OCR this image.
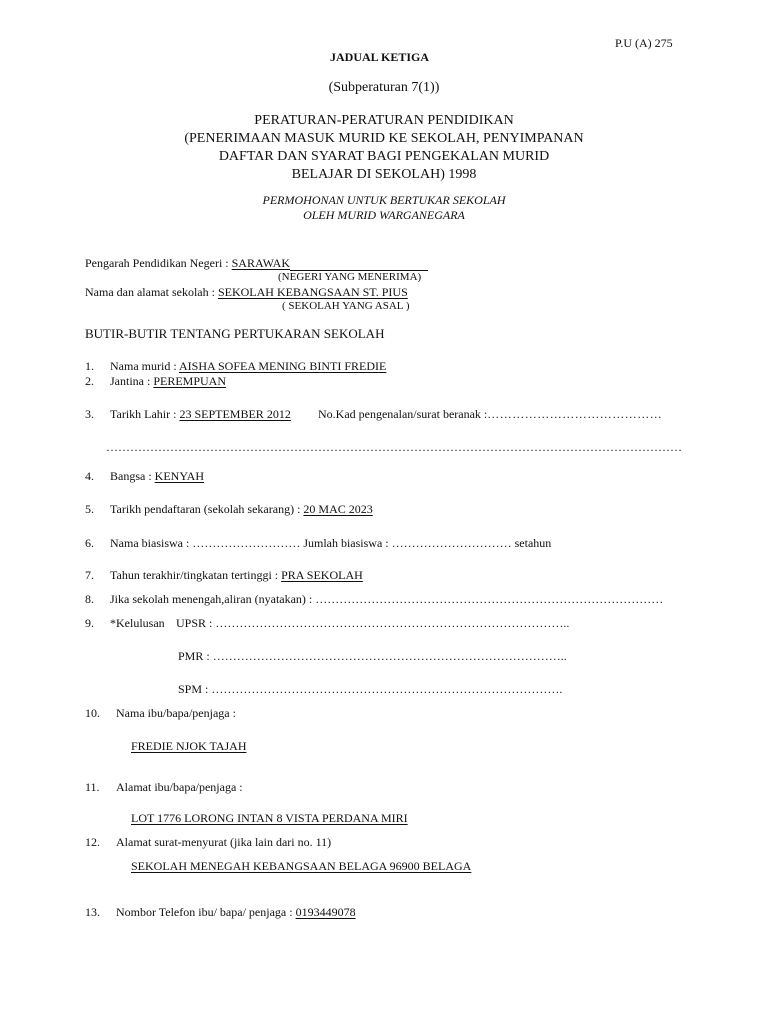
P.U (A) 275
JADUAL KETIGA
(Subperaturan 7(1))
PERATURAN-PERATURAN PENDIDIKAN
(PENERIMAAN MASUK MURID KE SEKOLAH, PENYIMPANAN
DAFTAR DAN SYARAT BAGI PENGEKALAN MURID
BELAJAR DI SEKOLAH) 1998
PERMOHONAN UNTUK BERTUKAR SEKOLAH
OLEH MURID WARGANEGARA
Pengarah Pendidikan Negeri : SARAWAK
(NEGERI YANG MENERIMA)
Nama dan alamat sekolah : SEKOLAH KEBANGSAAN ST. PIUS
( SEKOLAH YANG ASAL )
BUTIR-BUTIR TENTANG PERTUKARAN SEKOLAH
1. Nama murid : AISHA SOFEA MENING BINTI FREDIE
2. Jantina : PEREMPUAN
3. Tarikh Lahir : 23 SEPTEMBER 2012 No.Kad pengenalan/surat beranak :……………………………………
………………………………………………………………………………………………………………………………
4. Bangsa : KENYAH
5. Tarikh pendaftaran (sekolah sekarang) : 20 MAC 2023
6. Nama biasiswa : ……………………… Jumlah biasiswa : ………………………… setahun
7. Tahun terakhir/tingkatan tertinggi : PRA SEKOLAH
8. Jika sekolah menengah,aliran (nyatakan) : ……………………………………………………………………………
9. *Kelulusan UPSR : ……………………………………………………………………………..
PMR : ……………………………………………………………………………..
SPM : …………………………………………………………………………….
10. Nama ibu/bapa/penjaga :
FREDIE NJOK TAJAH
11. Alamat ibu/bapa/penjaga :
LOT 1776 LORONG INTAN 8 VISTA PERDANA MIRI
12. Alamat surat-menyurat (jika lain dari no. 11)
SEKOLAH MENEGAH KEBANGSAAN BELAGA 96900 BELAGA
13. Nombor Telefon ibu/ bapa/ penjaga : 0193449078
